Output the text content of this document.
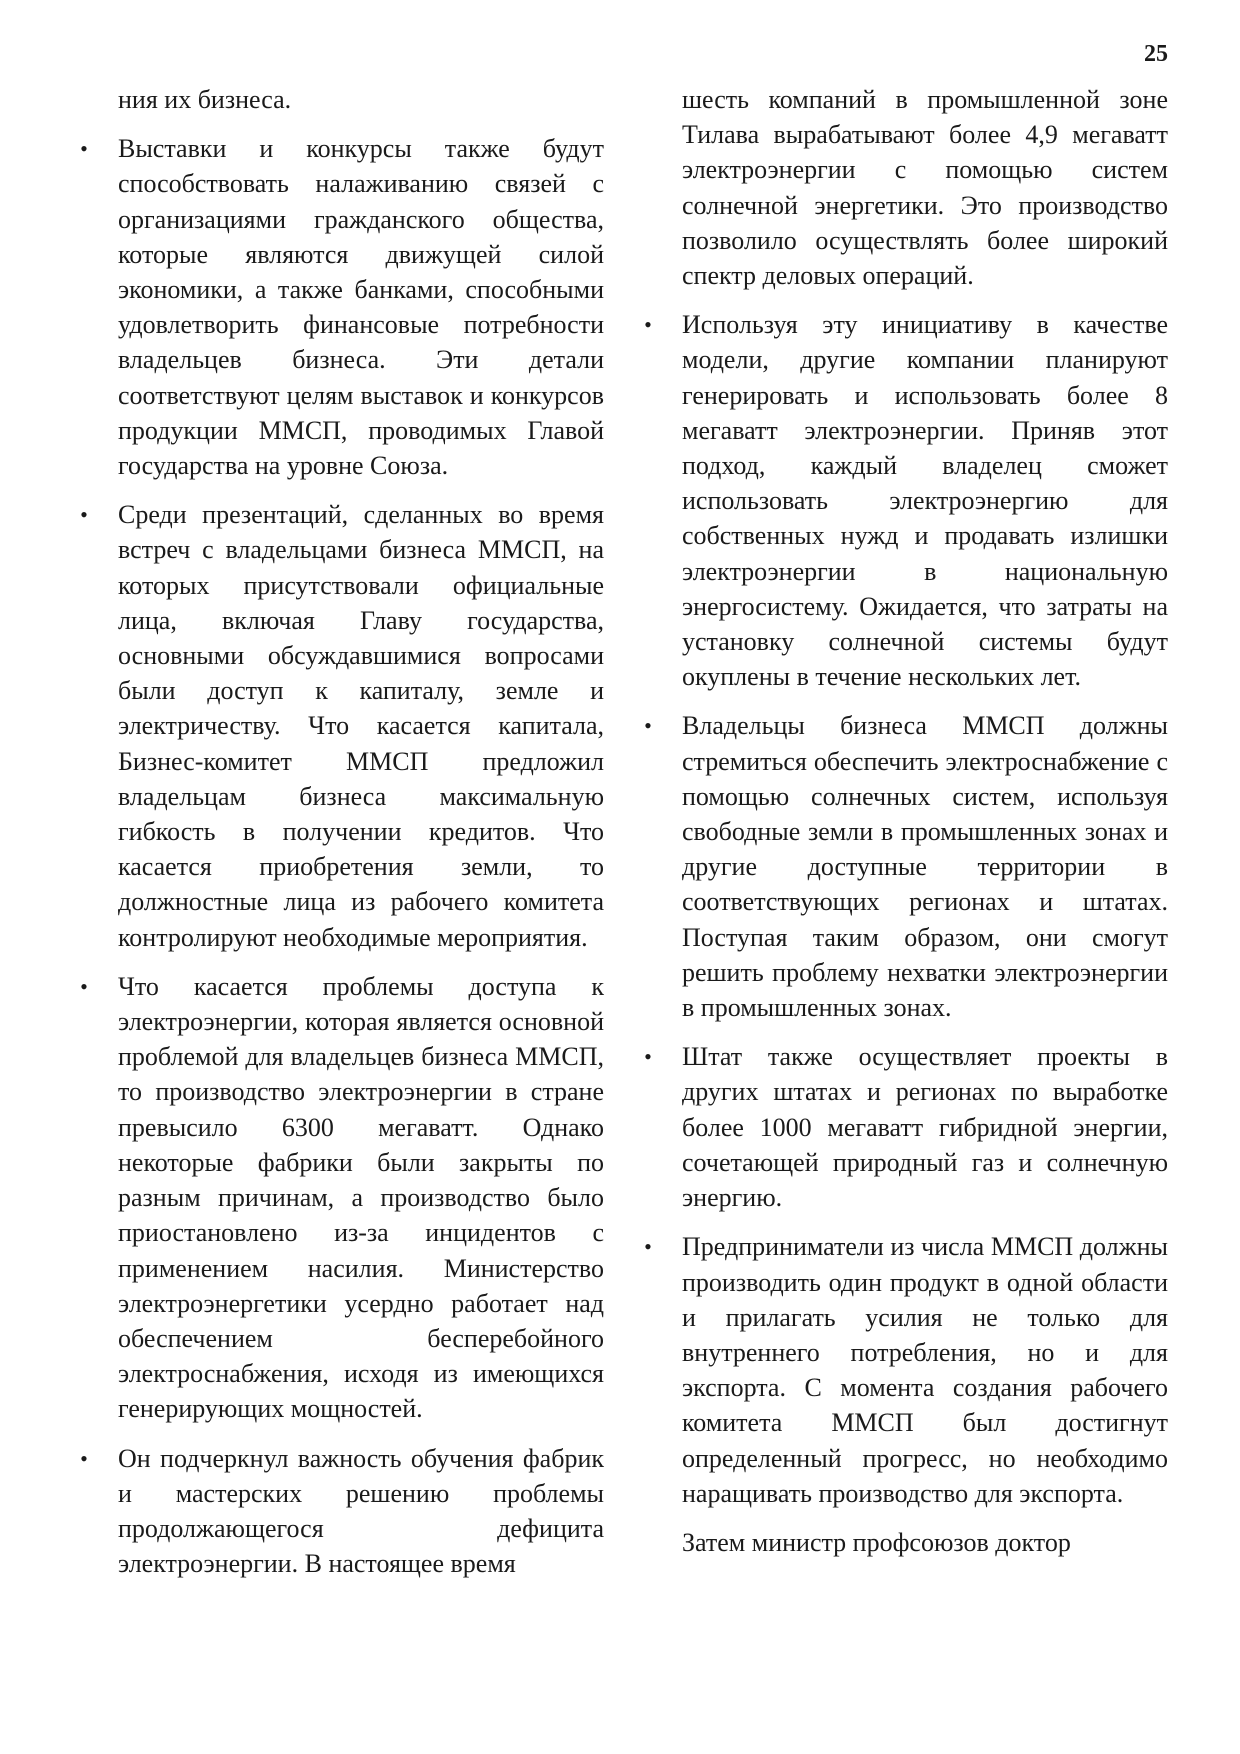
25

ния их бизнеса.

• Выставки и конкурсы также будут способствовать налаживанию связей с организациями гражданского общества, которые являются движущей силой экономики, а также банками, способными удовлетворить финансовые потребности владельцев бизнеса. Эти детали соответствуют целям выставок и конкурсов продукции ММСП, проводимых Главой государства на уровне Союза.
• Среди презентаций, сделанных во время встреч с владельцами бизнеса ММСП, на которых присутствовали официальные лица, включая Главу государства, основными обсуждавшимися вопросами были доступ к капиталу, земле и электричеству. Что касается капитала, Бизнес-комитет ММСП предложил владельцам бизнеса максимальную гибкость в получении кредитов. Что касается приобретения земли, то должностные лица из рабочего комитета контролируют необходимые мероприятия.
• Что касается проблемы доступа к электроэнергии, которая является основной проблемой для владельцев бизнеса ММСП, то производство электроэнергии в стране превысило 6300 мегаватт. Однако некоторые фабрики были закрыты по разным причинам, а производство было приостановлено из-за инцидентов с применением насилия. Министерство электроэнергетики усердно работает над обеспечением бесперебойного электроснабжения, исходя из имеющихся генерирующих мощностей.
• Он подчеркнул важность обучения фабрик и мастерских решению проблемы продолжающегося дефицита электроэнергии. В настоящее время

шесть компаний в промышленной зоне Тилава вырабатывают более 4,9 мегаватт электроэнергии с помощью систем солнечной энергетики. Это производство позволило осуществлять более широкий спектр деловых операций.

• Используя эту инициативу в качестве модели, другие компании планируют генерировать и использовать более 8 мегаватт электроэнергии. Приняв этот подход, каждый владелец сможет использовать электроэнергию для собственных нужд и продавать излишки электроэнергии в национальную энергосистему. Ожидается, что затраты на установку солнечной системы будут окуплены в течение нескольких лет.
• Владельцы бизнеса ММСП должны стремиться обеспечить электроснабжение с помощью солнечных систем, используя свободные земли в промышленных зонах и другие доступные территории в соответствующих регионах и штатах. Поступая таким образом, они смогут решить проблему нехватки электроэнергии в промышленных зонах.
• Штат также осуществляет проекты в других штатах и регионах по выработке более 1000 мегаватт гибридной энергии, сочетающей природный газ и солнечную энергию.
• Предприниматели из числа ММСП должны производить один продукт в одной области и прилагать усилия не только для внутреннего потребления, но и для экспорта. С момента создания рабочего комитета ММСП был достигнут определенный прогресс, но необходимо наращивать производство для экспорта.

Затем министр профсоюзов доктор
